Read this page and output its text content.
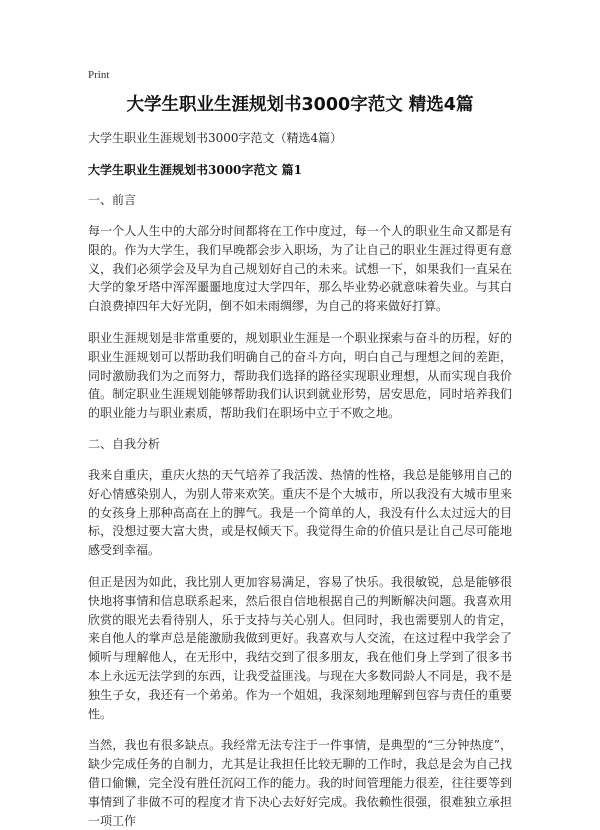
Print
大学生职业生涯规划书3000字范文 精选4篇
大学生职业生涯规划书3000字范文（精选4篇）
大学生职业生涯规划书3000字范文 篇1
一、前言

每一个人人生中的大部分时间都将在工作中度过，每一个人的职业生命又都是有限的。作为大学生，我们早晚都会步入职场，为了让自己的职业生涯过得更有意义，我们必须学会及早为自己规划好自己的未来。试想一下，如果我们一直呆在大学的象牙塔中浑浑噩噩地度过大学四年，那么毕业势必就意味着失业。与其白白浪费掉四年大好光阴，倒不如未雨绸缪，为自己的将来做好打算。

职业生涯规划是非常重要的，规划职业生涯是一个职业探索与奋斗的历程，好的职业生涯规划可以帮助我们明确自己的奋斗方向，明白自己与理想之间的差距，同时激励我们为之而努力，帮助我们选择的路径实现职业理想，从而实现自我价值。制定职业生涯规划能够帮助我们认识到就业形势，居安思危，同时培养我们的职业能力与职业素质，帮助我们在职场中立于不败之地。

二、自我分析

我来自重庆，重庆火热的天气培养了我活泼、热情的性格，我总是能够用自己的好心情感染别人，为别人带来欢笑。重庆不是个大城市，所以我没有大城市里来的女孩身上那种高高在上的脾气。我是一个简单的人，我没有什么太过远大的目标，没想过要大富大贵，或是权倾天下。我觉得生命的价值只是让自己尽可能地感受到幸福。

但正是因为如此，我比别人更加容易满足，容易了快乐。我很敏锐，总是能够很快地将事情和信息联系起来，然后很自信地根据自己的判断解决问题。我喜欢用欣赏的眼光去看待别人，乐于支持与关心别人。但同时，我也需要别人的肯定，来自他人的掌声总是能激励我做到更好。我喜欢与人交流，在这过程中我学会了倾听与理解他人，在无形中，我结交到了很多朋友，我在他们身上学到了很多书本上永远无法学到的东西，让我受益匪浅。与现在大多数同龄人不同是，我不是独生子女，我还有一个弟弟。作为一个姐姐，我深刻地理解到包容与责任的重要性。

当然，我也有很多缺点。我经常无法专注于一件事情，是典型的“三分钟热度”，缺少完成任务的自制力，尤其是让我担任比较无聊的工作时，我总是会为自己找借口偷懒，完全没有胜任沉闷工作的能力。我的时间管理能力很差，往往要等到事情到了非做不可的程度才肯下决心去好好完成。我依赖性很强，很难独立承担一项工作
